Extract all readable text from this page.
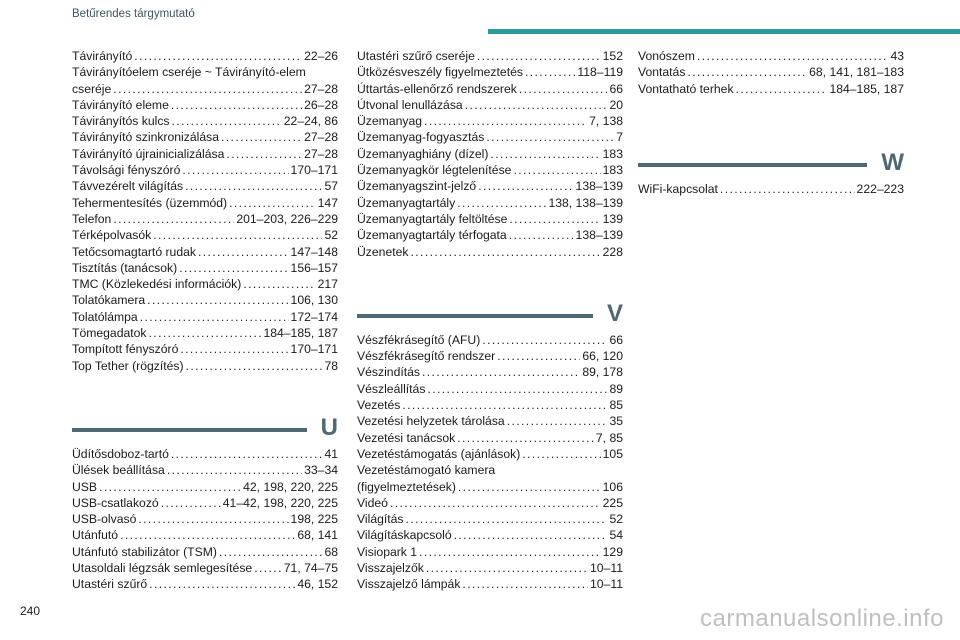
Betűrendes tárgymutató
Távirányító . . .	22–26
Távirányítóelem cseréje ~ Távirányító-elem
cseréje . . .	27–28
Távirányító eleme . . .	26–28
Távirányítós kulcs . . .	22–24, 86
Távirányító szinkronizálása . . .	27–28
Távirányító újrainicializálása . . .	27–28
Távolsági fényszóró . . .	170–171
Távvezérelt világítás . . .	57
Tehermentesítés (üzemmód) . . .	147
Telefon . . .	201–203, 226–229
Térképolvasók . . .	52
Tetőcsomagtartó rudak . . .	147–148
Tisztítás (tanácsok) . . .	156–157
TMC (Közlekedési információk) . . .	217
Tolatókamera . . .	106, 130
Tolatólámpa . . .	172–174
Tömegadatok . . .	184–185, 187
Tompított fényszóró . . .	170–171
Top Tether (rögzítés) . . .	78
U
Üdítősdoboz-tartó . . .	41
Ülések beállítása . . .	33–34
USB . . .	42, 198, 220, 225
USB-csatlakozó . . .	41–42, 198, 220, 225
USB-olvasó . . .	198, 225
Utánfutó . . .	68, 141
Utánfutó stabilizátor (TSM) . . .	68
Utasoldali légzsák semlegesítése . . .	71, 74–75
Utastéri szűrő . . .	46, 152
Utastéri szűrő cseréje . . .	152
Ütközésveszély figyelmeztetés . . .	118–119
Úttartás-ellenőrző rendszerek . . .	66
Útvonal lenullázása . . .	20
Üzemanyag . . .	7, 138
Üzemanyag-fogyasztás . . .	7
Üzemanyaghiány (dízel) . . .	183
Üzemanyagkör légtelenítése . . .	183
Üzemanyagszint-jelző . . .	138–139
Üzemanyagtartály . . .	138, 138–139
Üzemanyagtartály feltöltése . . .	139
Üzemanyagtartály térfogata . . .	138–139
Üzenetek . . .	228
V
Vészfékrásegítő (AFU) . . .	66
Vészfékrásegítő rendszer . . .	66, 120
Vészindítás . . .	89, 178
Vészleállítás . . .	89
Vezetés . . .	85
Vezetési helyzetek tárolása . . .	35
Vezetési tanácsok . . .	7, 85
Vezetéstámogatás (ajánlások) . . .	105
Vezetéstámogató kamera
(figyelmeztetések) . . .	106
Videó . . .	225
Világítás . . .	52
Világításkapcsoló . . .	54
Visiopark 1 . . .	129
Visszajelzők . . .	10–11
Visszajelző lámpák . . .	10–11
Vonószem . . .	43
Vontatás . . .	68, 141, 181–183
Vontatható terhek . . .	184–185, 187
W
WiFi-kapcsolat . . .	222–223
240	carmanualsonline.info
